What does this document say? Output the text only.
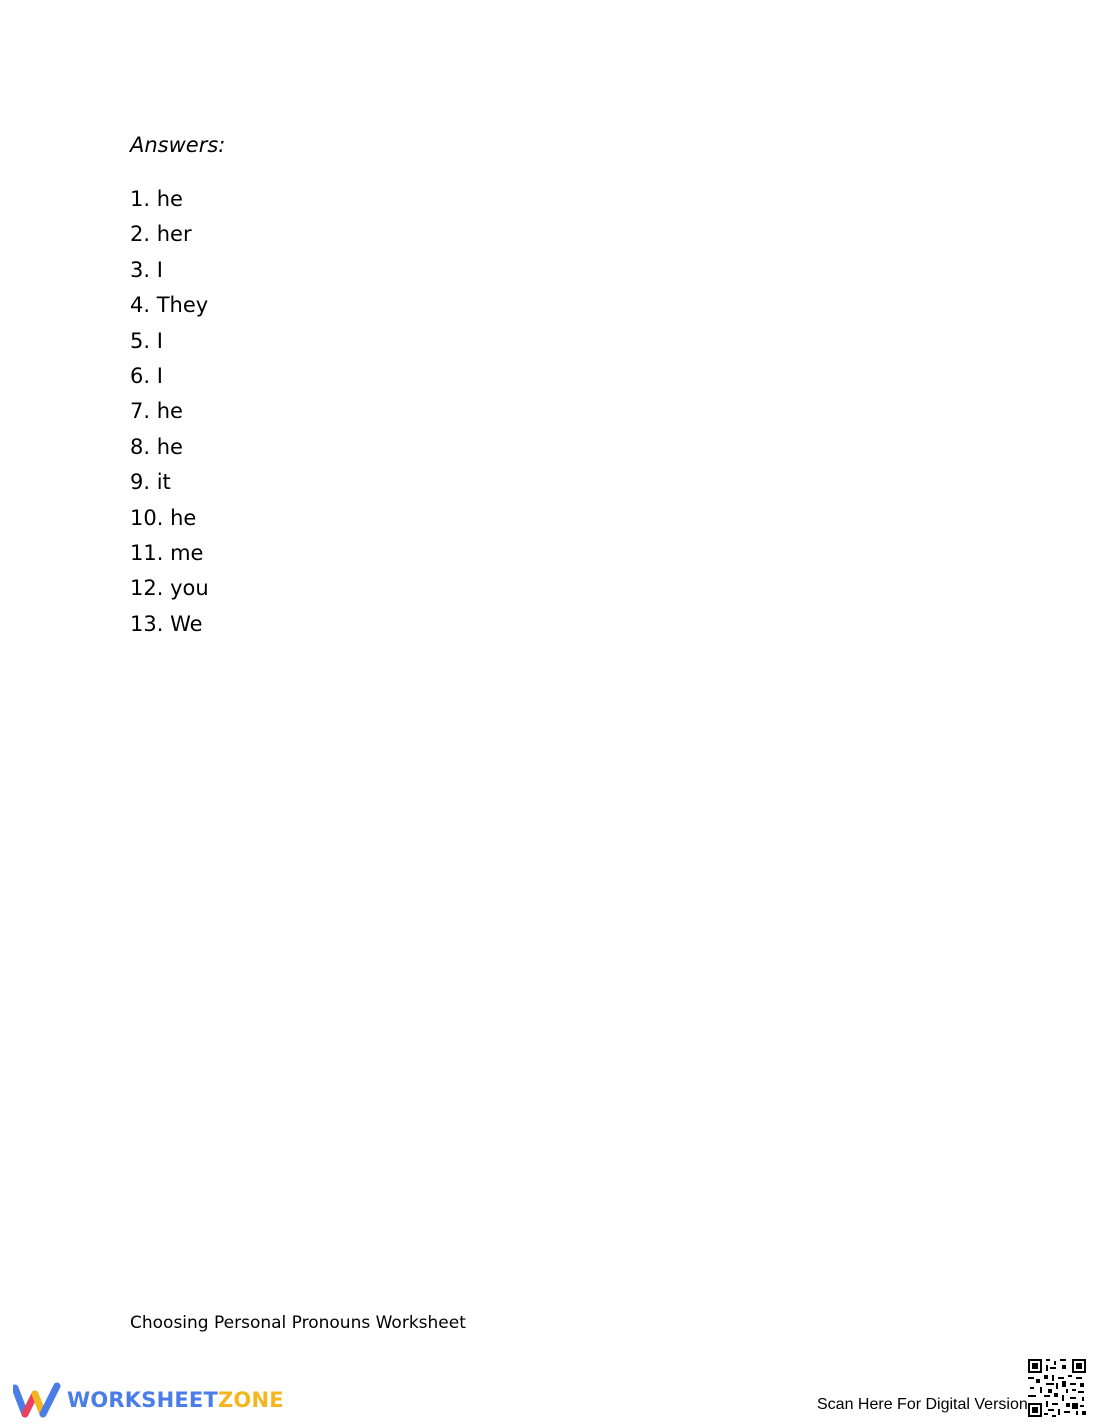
Answers:
1. he
2. her
3. I
4. They
5. I
6. I
7. he
8. he
9. it
10. he
11. me
12. you
13. We
Choosing Personal Pronouns Worksheet
WORKSHEETZONE	Scan Here For Digital Version
